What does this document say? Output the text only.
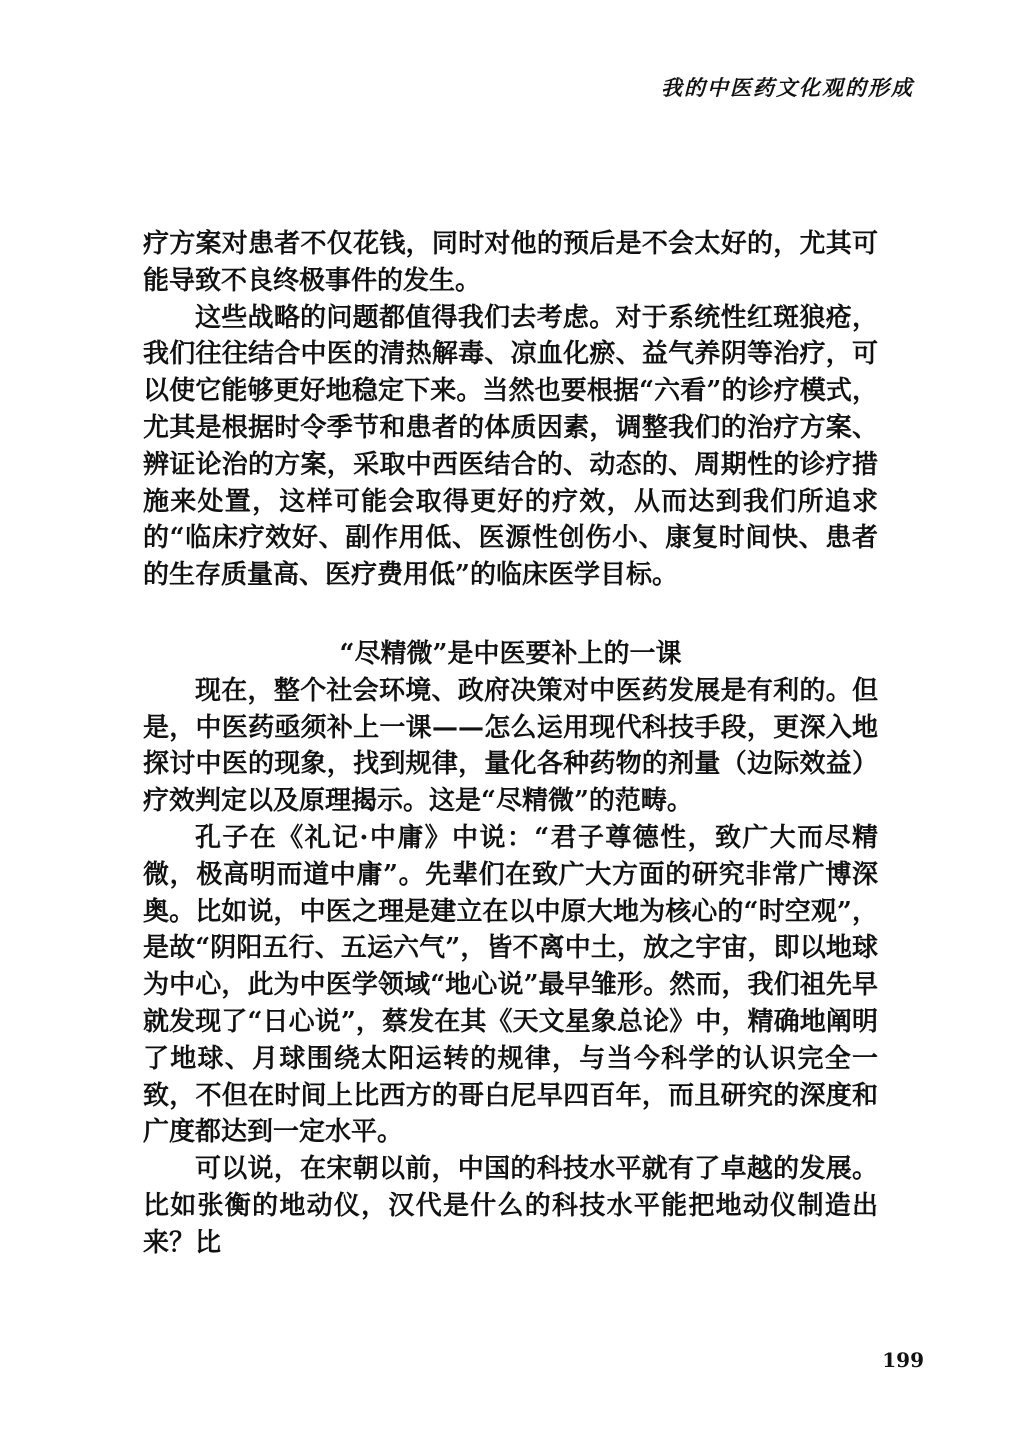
我的中医药文化观的形成

疗方案对患者不仅花钱，同时对他的预后是不会太好的，尤其可能导致不良终极事件的发生。

这些战略的问题都值得我们去考虑。对于系统性红斑狼疮，我们往往结合中医的清热解毒、凉血化瘀、益气养阴等治疗，可以使它能够更好地稳定下来。当然也要根据“六看”的诊疗模式，尤其是根据时令季节和患者的体质因素，调整我们的治疗方案、辨证论治的方案，采取中西医结合的、动态的、周期性的诊疗措施来处置，这样可能会取得更好的疗效，从而达到我们所追求的“临床疗效好、副作用低、医源性创伤小、康复时间快、患者的生存质量高、医疗费用低”的临床医学目标。

“尽精微”是中医要补上的一课

现在，整个社会环境、政府决策对中医药发展是有利的。但是，中医药亟须补上一课——怎么运用现代科技手段，更深入地探讨中医的现象，找到规律，量化各种药物的剂量（边际效益）疗效判定以及原理揭示。这是“尽精微”的范畴。

孔子在《礼记·中庸》中说：“君子尊德性，致广大而尽精微，极高明而道中庸”。先辈们在致广大方面的研究非常广博深奥。比如说，中医之理是建立在以中原大地为核心的“时空观”，是故“阴阳五行、五运六气”，皆不离中土，放之宇宙，即以地球为中心，此为中医学领域“地心说”最早雏形。然而，我们祖先早就发现了“日心说”，蔡发在其《天文星象总论》中，精确地阐明了地球、月球围绕太阳运转的规律，与当今科学的认识完全一致，不但在时间上比西方的哥白尼早四百年，而且研究的深度和广度都达到一定水平。

可以说，在宋朝以前，中国的科技水平就有了卓越的发展。比如张衡的地动仪，汉代是什么的科技水平能把地动仪制造出来？比

199
